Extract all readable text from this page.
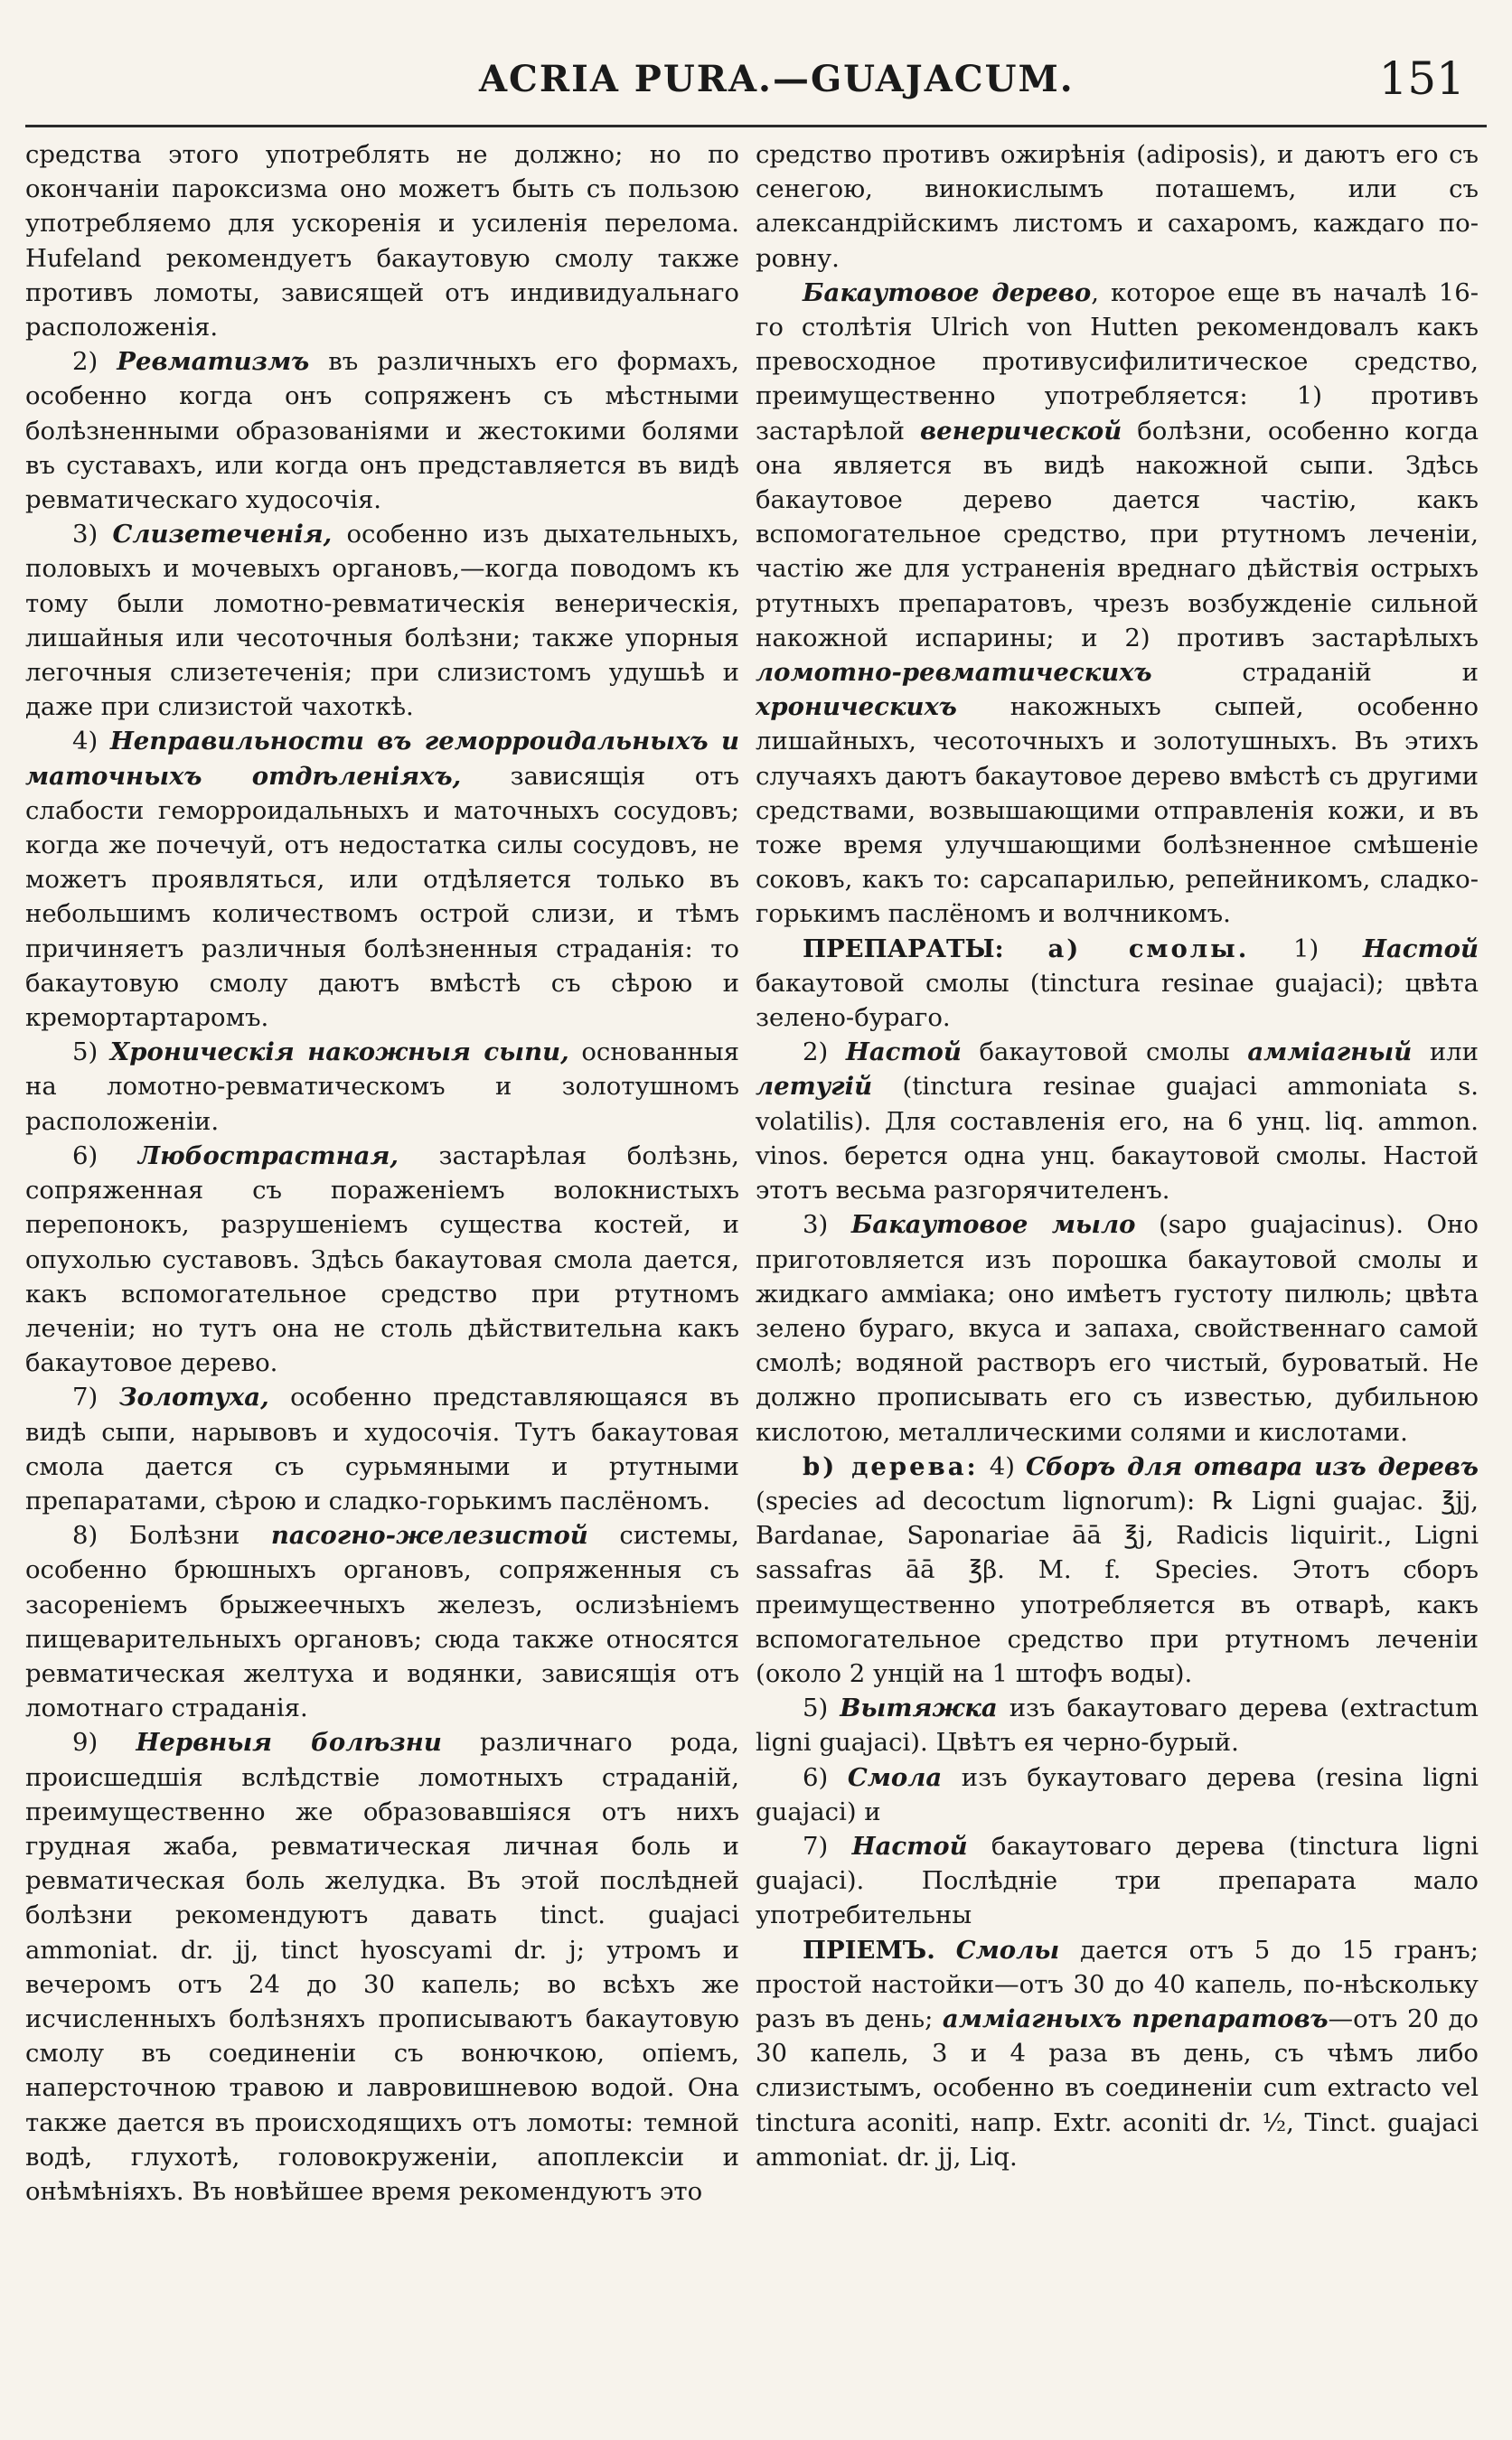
ACRIA PURA.—GUAJACUM.	151

средства этого употреблять не должно; но по окончаніи пароксизма оно можетъ быть съ пользою употребляемо для ускоренія и усиленія перелома. Hufeland рекомендуетъ бакаутовую смолу также противъ ломоты, зависящей отъ индивидуальнаго расположенія.

2) Ревматизмъ въ различныхъ его формахъ, особенно когда онъ сопряженъ съ мѣстными болѣзненными образованіями и жестокими болями въ суставахъ, или когда онъ представляется въ видѣ ревматическаго худосочія.

3) Слизетеченія, особенно изъ дыхательныхъ, половыхъ и мочевыхъ органовъ,—когда поводомъ къ тому были ломотно-ревматическія венерическія, лишайныя или чесоточныя болѣзни; также упорныя легочныя слизетеченія; при слизистомъ удушьѣ и даже при слизистой чахоткѣ.

4) Неправильности въ геморроидальныхъ и маточныхъ отдѣленіяхъ, зависящія отъ слабости геморроидальныхъ и маточныхъ сосудовъ; когда же почечуй, отъ недостатка силы сосудовъ, не можетъ проявляться, или отдѣляется только въ небольшимъ количествомъ острой слизи, и тѣмъ причиняетъ различныя болѣзненныя страданія: то бакаутовую смолу даютъ вмѣстѣ съ сѣрою и кремортартаромъ.

5) Хроническія накожныя сыпи, основанныя на ломотно-ревматическомъ и золотушномъ расположеніи.

6) Любострастная, застарѣлая болѣзнь, сопряженная съ пораженіемъ волокнистыхъ перепонокъ, разрушеніемъ существа костей, и опухолью суставовъ. Здѣсь бакаутовая смола дается, какъ вспомогательное средство при ртутномъ леченіи; но тутъ она не столь дѣйствительна какъ бакаутовое дерево.

7) Золотуха, особенно представляющаяся въ видѣ сыпи, нарывовъ и худосочія. Тутъ бакаутовая смола дается съ сурьмяными и ртутными препаратами, сѣрою и сладко-горькимъ паслёномъ.

8) Болѣзни пасогно-железистой системы, особенно брюшныхъ органовъ, сопряженныя съ засореніемъ брыжеечныхъ железъ, ослизѣніемъ пищеварительныхъ органовъ; сюда также относятся ревматическая желтуха и водянки, зависящія отъ ломотнаго страданія.

9) Нервныя болѣзни различнаго рода, происшедшія вслѣдствіе ломотныхъ страданій, преимущественно же образовавшіяся отъ нихъ грудная жаба, ревматическая личная боль и ревматическая боль желудка. Въ этой послѣдней болѣзни рекомендуютъ давать tinct. guajaci ammoniat. dr. jj, tinct hyoscyami dr. j; утромъ и вечеромъ отъ 24 до 30 капель; во всѣхъ же исчисленныхъ болѣзняхъ прописываютъ бакаутовую смолу въ соединеніи съ вонючкою, опіемъ, наперсточною травою и лавровишневою водой. Она также дается въ происходящихъ отъ ломоты: темной водѣ, глухотѣ, головокруженіи, апоплексіи и онѣмѣніяхъ. Въ новѣйшее время рекомендуютъ это

средство противъ ожирѣнія (adiposis), и даютъ его съ сенегою, винокислымъ поташемъ, или съ александрійскимъ листомъ и сахаромъ, каждаго по-ровну.

Бакаутовое дерево, которое еще въ началѣ 16-го столѣтія Ulrich von Hutten рекомендовалъ какъ превосходное противусифилитическое средство, преимущественно употребляется: 1) противъ застарѣлой венерической болѣзни, особенно когда она является въ видѣ накожной сыпи. Здѣсь бакаутовое дерево дается частію, какъ вспомогательное средство, при ртутномъ леченіи, частію же для устраненія вреднаго дѣйствія острыхъ ртутныхъ препаратовъ, чрезъ возбужденіе сильной накожной испарины; и 2) противъ застарѣлыхъ ломотно-ревматическихъ страданій и хроническихъ накожныхъ сыпей, особенно лишайныхъ, чесоточныхъ и золотушныхъ. Въ этихъ случаяхъ даютъ бакаутовое дерево вмѣстѣ съ другими средствами, возвышающими отправленія кожи, и въ тоже время улучшающими болѣзненное смѣшеніе соковъ, какъ то: сарсапарилью, репейникомъ, сладко-горькимъ паслёномъ и волчникомъ.

ПРЕПАРАТЫ: а) смолы. 1) Настой бакаутовой смолы (tinctura resinae guajaci); цвѣта зелено-бураго.

2) Настой бакаутовой смолы аммiагный или летугій (tinctura resinae guajaci ammoniata s. volatilis). Для составленія его, на 6 унц. liq. ammon. vinos. берется одна унц. бакаутовой смолы. Настой этотъ весьма разгорячителенъ.

3) Бакаутовое мыло (sapo guajacinus). Оно приготовляется изъ порошка бакаутовой смолы и жидкаго амміака; оно имѣетъ густоту пилюль; цвѣта зелено бураго, вкуса и запаха, свойственнаго самой смолѣ; водяной растворъ его чистый, буроватый. Не должно прописывать его съ известью, дубильною кислотою, металлическими солями и кислотами.

b) дерева: 4) Сборъ для отвара изъ деревъ (species ad decoctum lignorum): ℞ Ligni guajac. ℥jj, Bardanae, Saponariae āā ℥j, Radicis liquirit., Ligni sassafras āā ℥β. M. f. Species. Этотъ сборъ преимущественно употребляется въ отварѣ, какъ вспомогательное средство при ртутномъ леченіи (около 2 унцій на 1 штофъ воды).

5) Вытяжка изъ бакаутоваго дерева (extractum ligni guajaci). Цвѣтъ ея черно-бурый.

6) Смола изъ букаутоваго дерева (resina ligni guajaci) и

7) Настой бакаутоваго дерева (tinctura ligni guajaci). Послѣдніе три препарата мало употребительны

ПРІЕМЪ. Смолы дается отъ 5 до 15 гранъ; простой настойки—отъ 30 до 40 капель, по-нѣскольку разъ въ день; аммiагныхъ препаратовъ—отъ 20 до 30 капель, 3 и 4 раза въ день, съ чѣмъ либо слизистымъ, особенно въ соединеніи cum extracto vel tinctura aconiti, напр. Extr. aconiti dr. ½, Tinct. guajaci ammoniat. dr. jj, Liq.
